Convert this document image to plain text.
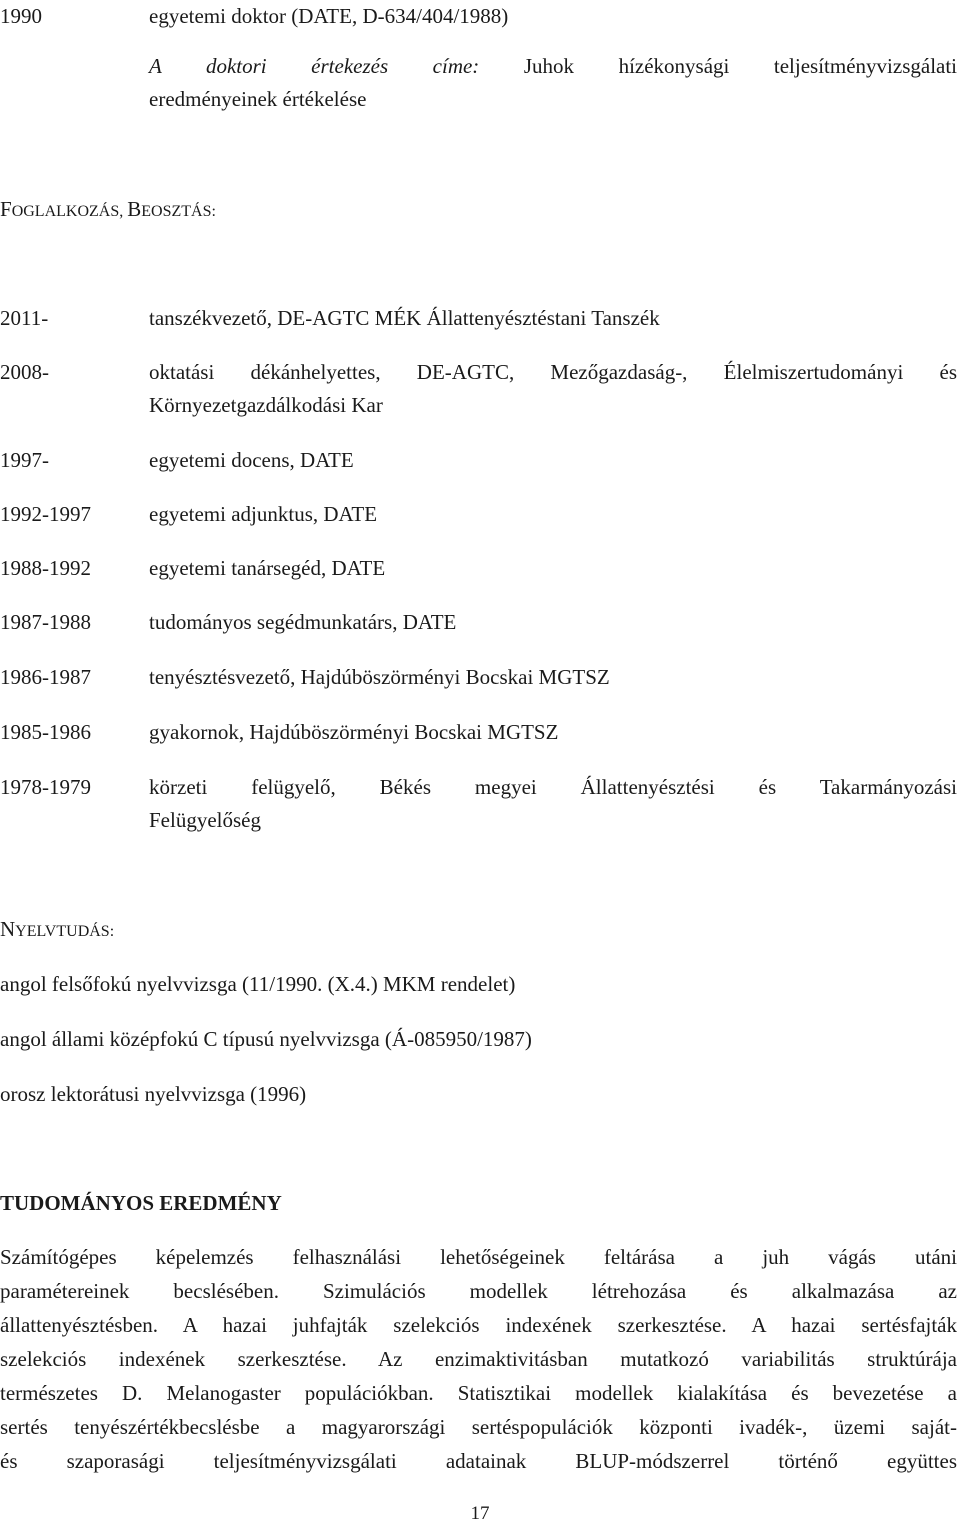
1990	egyetemi doktor (DATE, D-634/404/1988)
A doktori értekezés címe: Juhok hízékonysági teljesítményvizsgálati
eredményeinek értékelése
FOGLALKOZÁS, BEOSZTÁS:
2011-	tanszékvezető, DE-AGTC MÉK Állattenyésztéstani Tanszék
2008-	oktatási dékánhelyettes, DE-AGTC, Mezőgazdaság-, Élelmiszertudományi és
Környezetgazdálkodási Kar
1997-	egyetemi docens, DATE
1992-1997	egyetemi adjunktus, DATE
1988-1992	egyetemi tanársegéd, DATE
1987-1988	tudományos segédmunkatárs, DATE
1986-1987	tenyésztésvezető, Hajdúböszörményi Bocskai MGTSZ
1985-1986	gyakornok, Hajdúböszörményi Bocskai MGTSZ
1978-1979	körzeti felügyelő, Békés megyei Állattenyésztési és Takarmányozási
Felügyelőség
NYELVTUDÁS:
angol felsőfokú nyelvvizsga (11/1990. (X.4.) MKM rendelet)
angol állami középfokú C típusú nyelvvizsga (Á-085950/1987)
orosz lektorátusi nyelvvizsga (1996)
TUDOMÁNYOS EREDMÉNY
Számítógépes képelemzés felhasználási lehetőségeinek feltárása a juh vágás utáni
paramétereinek becslésében. Szimulációs modellek létrehozása és alkalmazása az
állattenyésztésben. A hazai juhfajták szelekciós indexének szerkesztése. A hazai sertésfajták
szelekciós indexének szerkesztése. Az enzimaktivitásban mutatkozó variabilitás struktúrája
természetes D. Melanogaster populációkban. Statisztikai modellek kialakítása és bevezetése a
sertés tenyészértékbecslésbe a magyarországi sertéspopulációk központi ivadék-, üzemi saját-
és szaporasági teljesítményvizsgálati adatainak BLUP-módszerrel történő együttes
17
